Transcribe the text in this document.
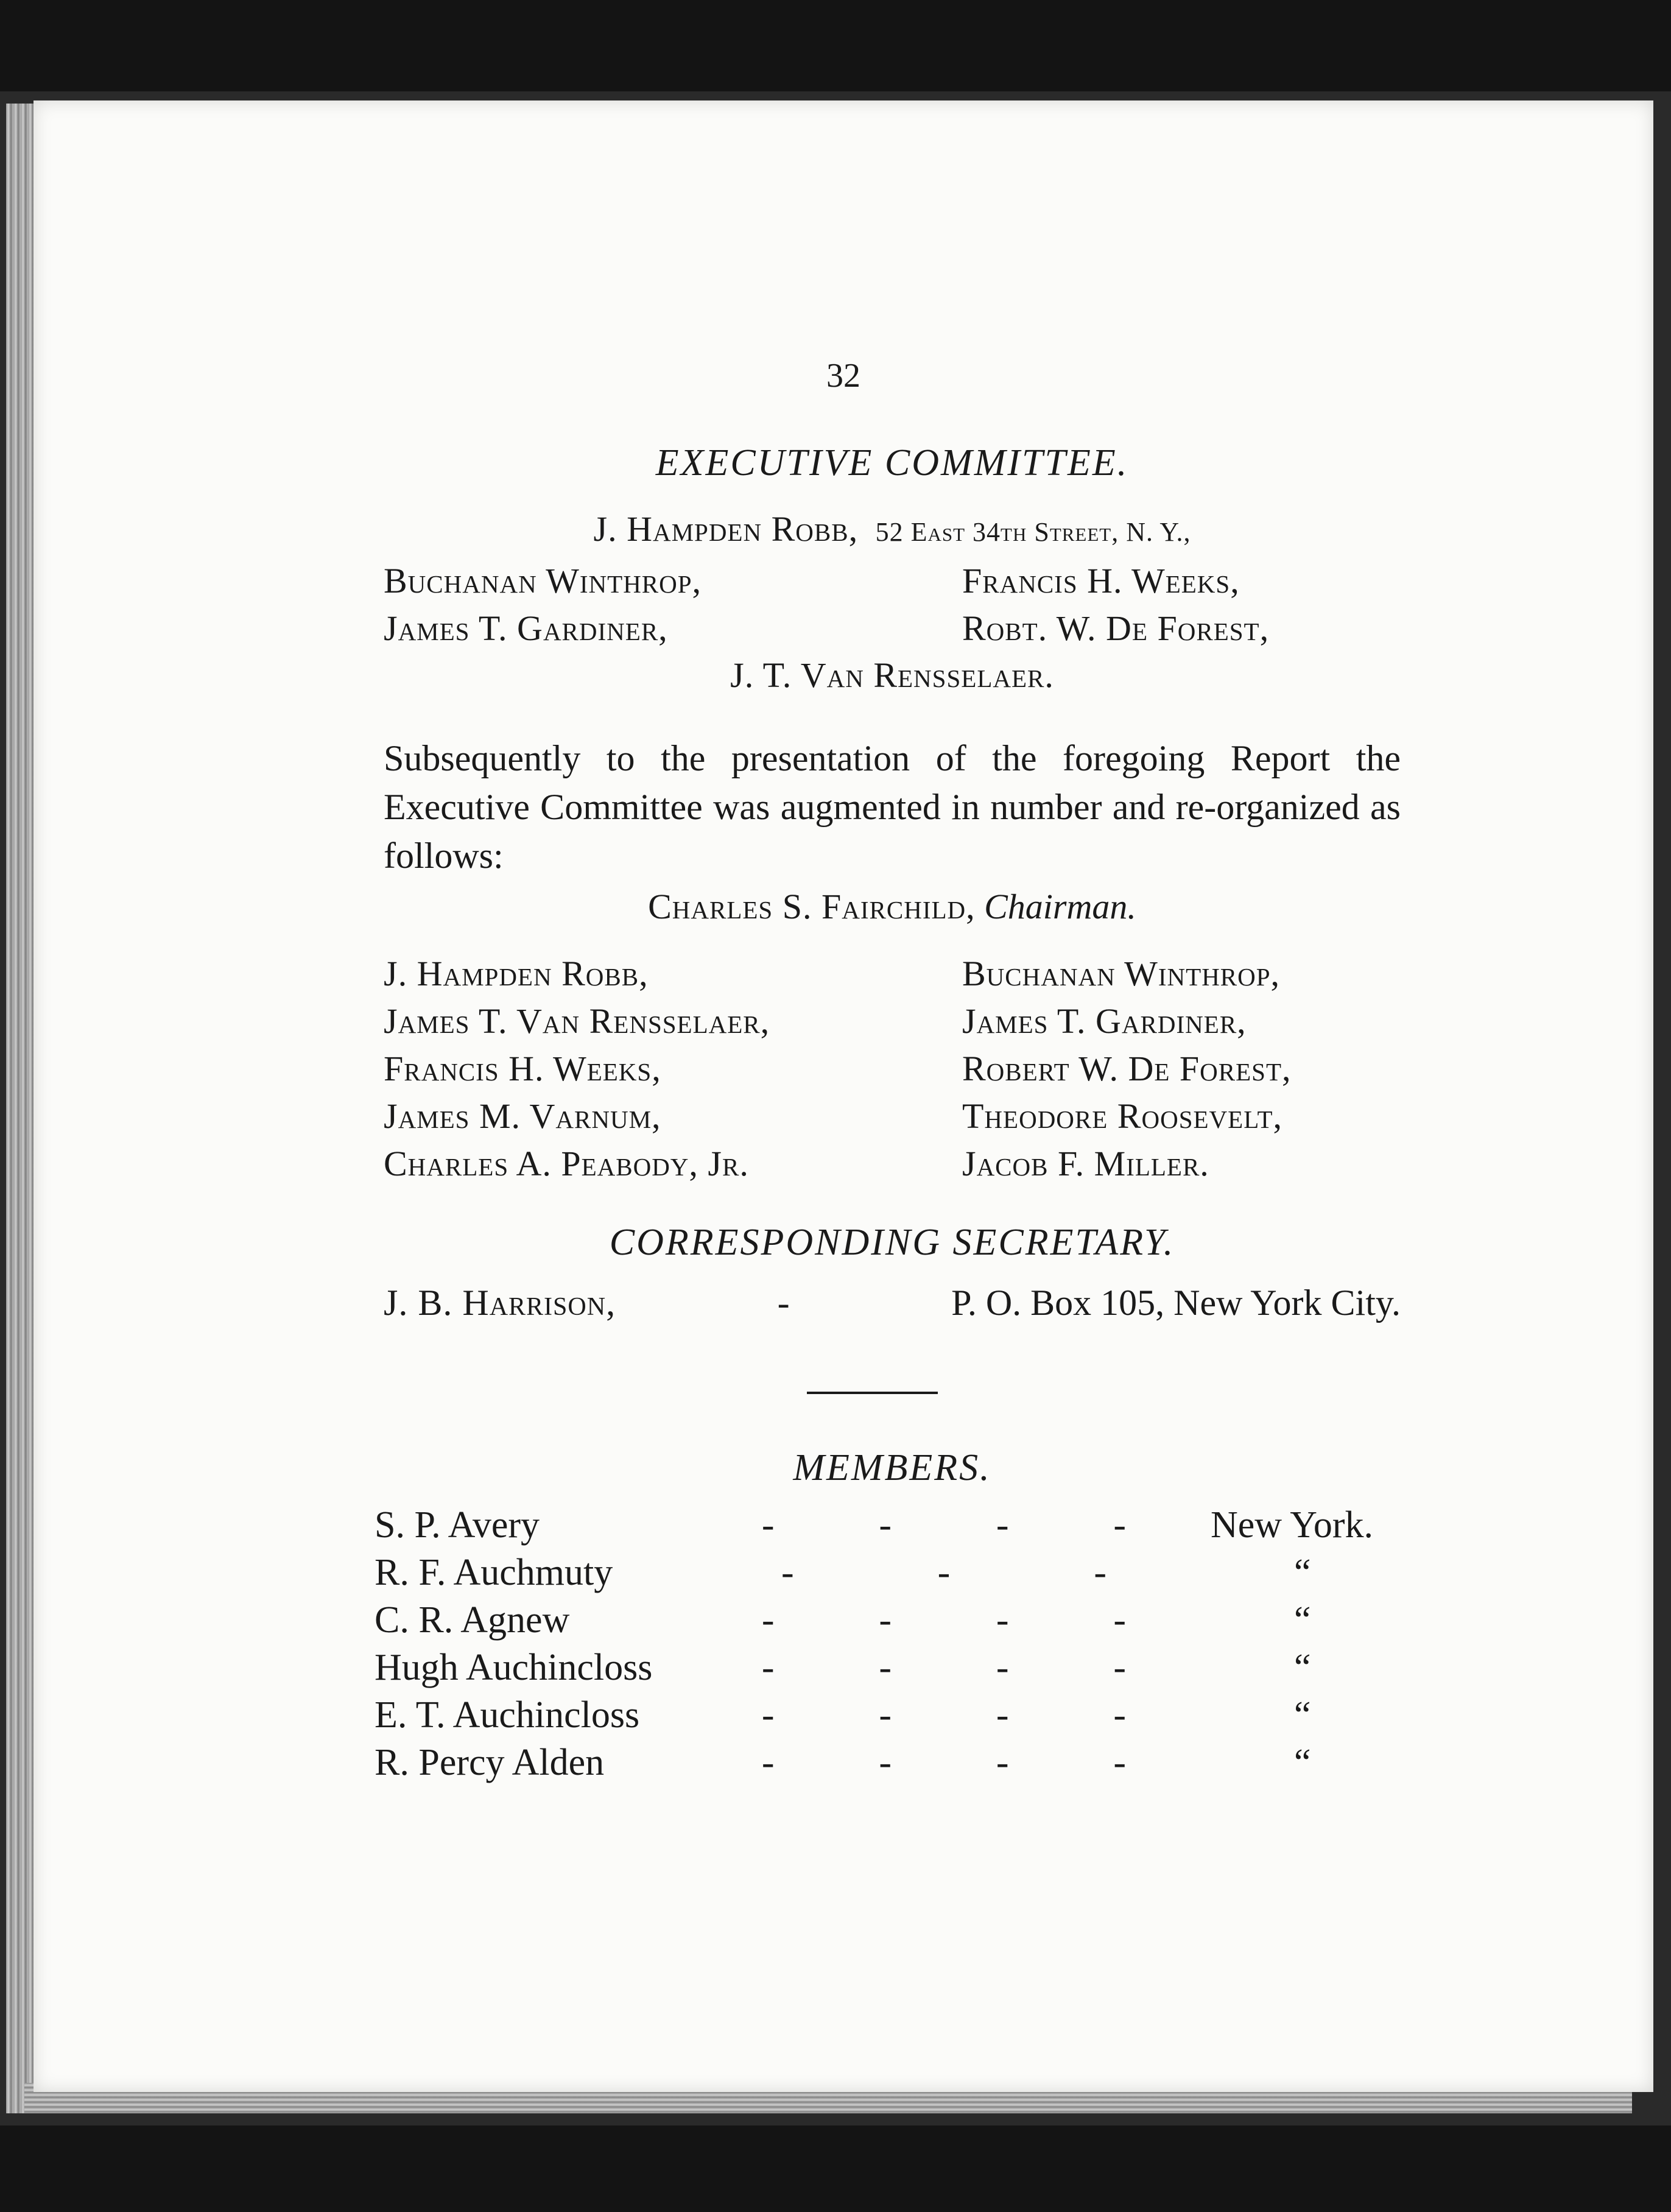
32
EXECUTIVE COMMITTEE.
J. Hampden Robb, 52 East 34th Street, N. Y.,
Buchanan Winthrop,	Francis H. Weeks,
James T. Gardiner,	Robt. W. De Forest,
J. T. Van Rensselaer.
Subsequently to the presentation of the foregoing Report the Executive Committee was augmented in number and re-organized as follows:
Charles S. Fairchild, Chairman.
J. Hampden Robb,	Buchanan Winthrop,
James T. Van Rensselaer,	James T. Gardiner,
Francis H. Weeks,	Robert W. De Forest,
James M. Varnum,	Theodore Roosevelt,
Charles A. Peabody, Jr.	Jacob F. Miller.
CORRESPONDING SECRETARY.
J. B. Harrison,	-	P. O. Box 105, New York City.
MEMBERS.
S. P. Avery	-	-	-	-	New York.
R. F. Auchmuty	-	-	-	“
C. R. Agnew	-	-	-	-	“
Hugh Auchincloss	-	-	-	-	“
E. T. Auchincloss	-	-	-	-	“
R. Percy Alden	-	-	-	-	“
